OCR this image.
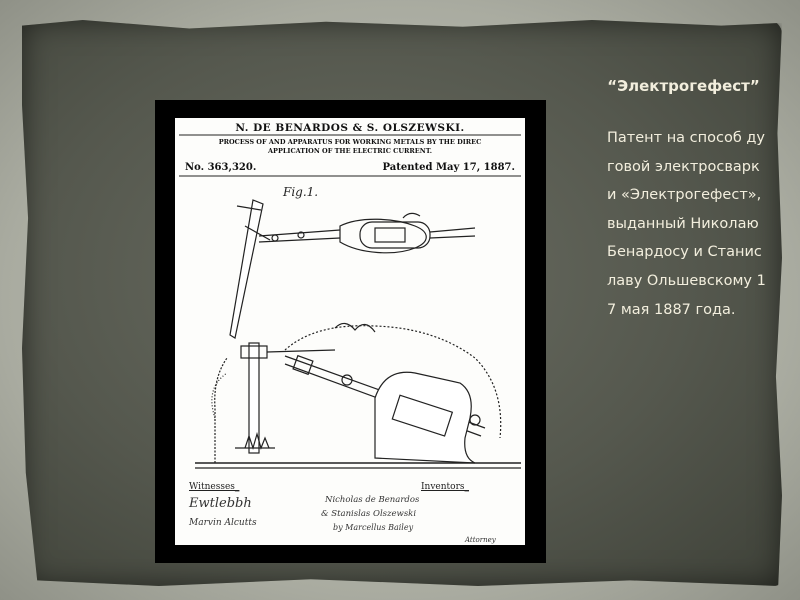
N. DE BENARDOS & S. OLSZEWSKI.
PROCESS OF AND APPARATUS FOR WORKING METALS BY THE DIREC
APPLICATION OF THE ELECTRIC CURRENT.
No. 363,320.	Patented May 17, 1887.
Fig.1.
Witnesses_	Inventors_
Ewtlebbh
Marvin Alcutts
Nicholas de Benardos
& Stanislas Olszewski
by Marcellus Bailey
Attorney
“Электрогефест”
Патент на способ дуговой электросварки «Электрогефест», выданный Николаю Бенардосу и Станиславу Ольшевскому 17 мая 1887 года.
